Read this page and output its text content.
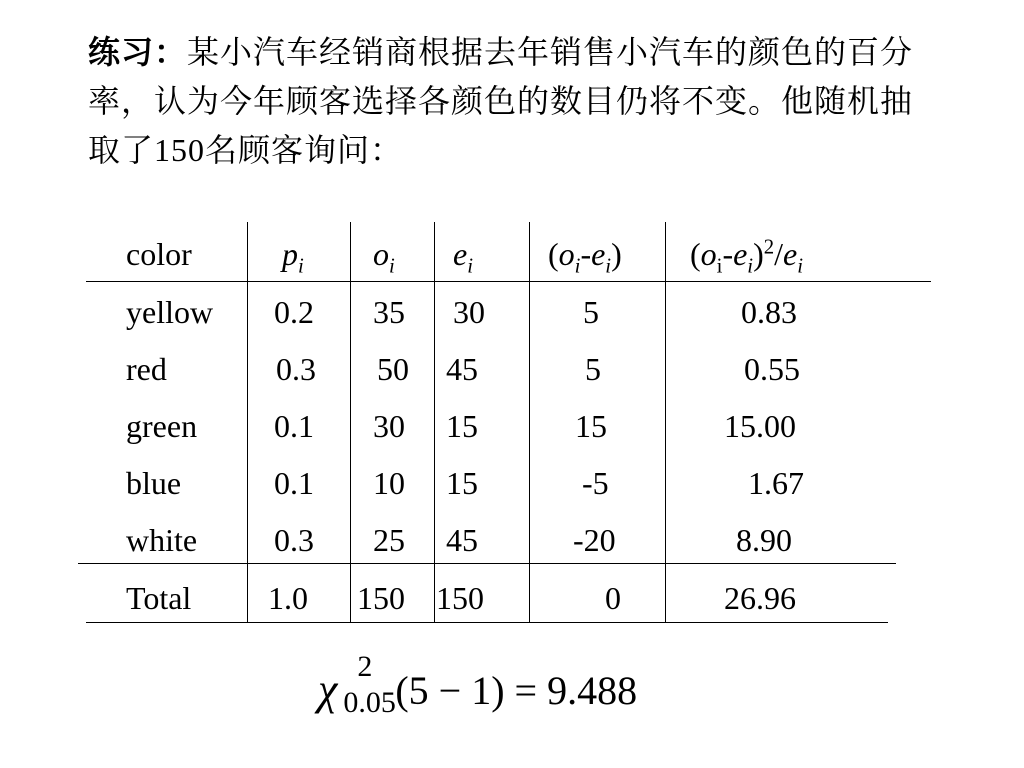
练习：某小汽车经销商根据去年销售小汽车的颜色的百分率，认为今年顾客选择各颜色的数目仍将不变。他随机抽取了150名顾客询问：
color	$p_i$ $o_i$ $e_i$ $(o_i-e_i)$ $(o_i-e_i)^2/e_i$
yellow 0.2 35 30	5	0.83
red	0.3 50 45	5	0.55
green 0.1 30 15	15	15.00
blue	0.1 10 15	-5	1.67
white 0.3 25 45	-20	8.90
Total 1.0 150 150	0	26.96
χ 2
0.05 (5 − 1) = 9.488
